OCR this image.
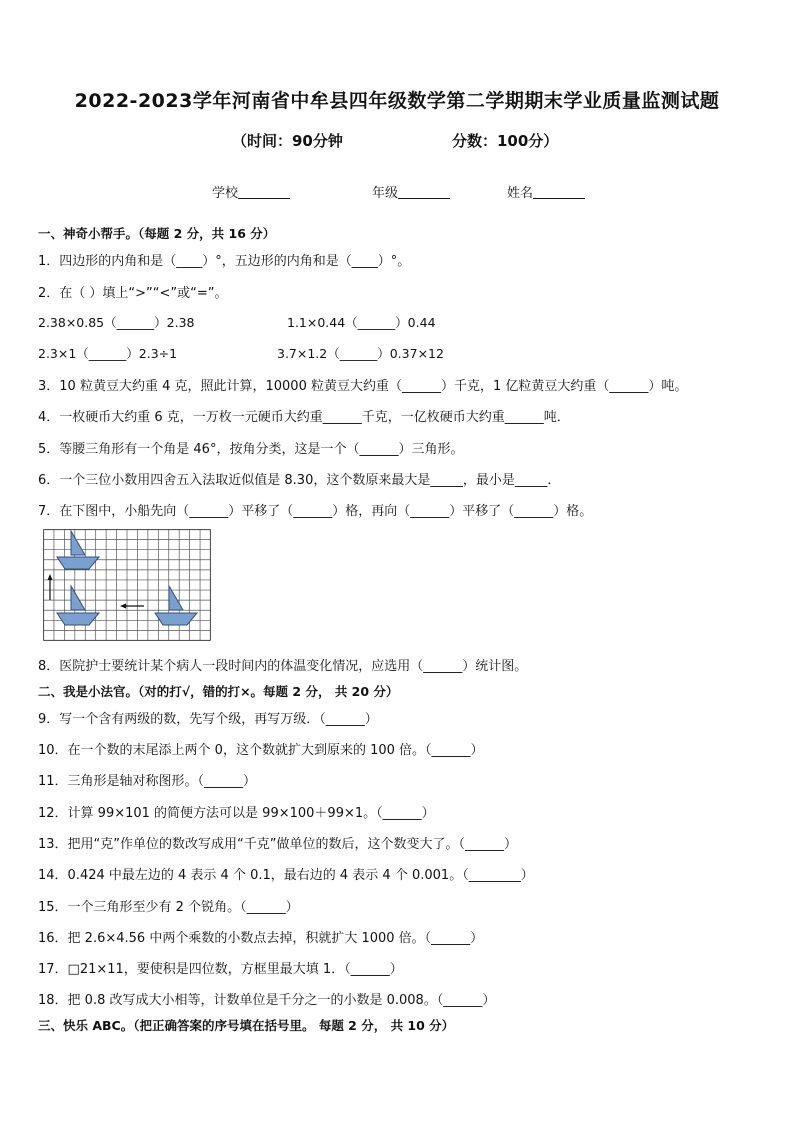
2022-2023学年河南省中牟县四年级数学第二学期期末学业质量监测试题
（时间：90分钟	分数：100分）
学校	年级	姓名
一、神奇小帮手。（每题 2 分，共 16 分）
1．四边形的内角和是（____）°，五边形的内角和是（____）°。
2．在（ ）填上“>”“<”或“=”。
2.38×0.85（______）2.38	1.1×0.44（______）0.44
2.3×1（______）2.3÷1	3.7×1.2（______）0.37×12
3．10 粒黄豆大约重 4 克，照此计算，10000 粒黄豆大约重（______）千克，1 亿粒黄豆大约重（______）吨。
4．一枚硬币大约重 6 克，一万枚一元硬币大约重______千克，一亿枚硬币大约重______吨．
5．等腰三角形有一个角是 46°，按角分类，这是一个（______）三角形。
6．一个三位小数用四舍五入法取近似值是 8.30，这个数原来最大是_____，最小是_____．
7．在下图中，小船先向（______）平移了（______）格，再向（______）平移了（______）格。
8．医院护士要统计某个病人一段时间内的体温变化情况，应选用（______）统计图。
二、我是小法官。（对的打√，错的打×。每题 2 分， 共 20 分）
9．写一个含有两级的数，先写个级，再写万级．（______）
10．在一个数的末尾添上两个 0，这个数就扩大到原来的 100 倍。（______）
11．三角形是轴对称图形。（______）
12．计算 99×101 的简便方法可以是 99×100＋99×1。（______）
13．把用“克”作单位的数改写成用“千克”做单位的数后，这个数变大了。（______）
14．0.424 中最左边的 4 表示 4 个 0.1，最右边的 4 表示 4 个 0.001。（________）
15．一个三角形至少有 2 个锐角。（______）
16．把 2.6×4.56 中两个乘数的小数点去掉，积就扩大 1000 倍。（______）
17．□21×11，要使积是四位数，方框里最大填 1．（______）
18．把 0.8 改写成大小相等，计数单位是千分之一的小数是 0.008。（______）
三、快乐 ABC。（把正确答案的序号填在括号里。 每题 2 分， 共 10 分）
